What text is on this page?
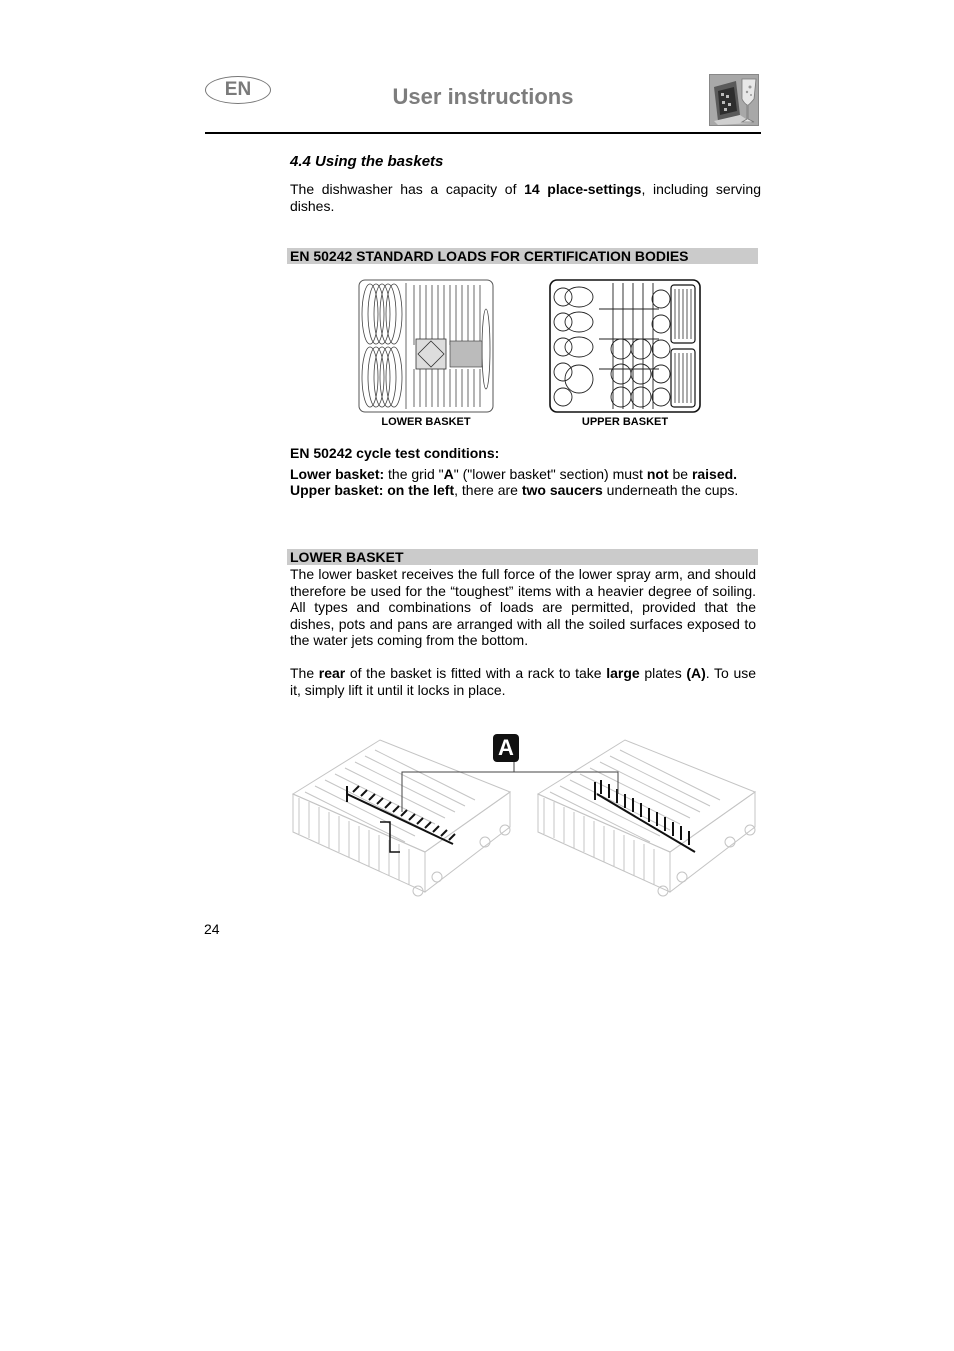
EN	User instructions
4.4 Using the baskets
The dishwasher has a capacity of 14 place-settings, including serving dishes.
EN 50242 STANDARD LOADS FOR CERTIFICATION BODIES
LOWER BASKET	UPPER BASKET
EN 50242 cycle test conditions:
Lower basket: the grid "A" ("lower basket" section) must not be raised.
Upper basket: on the left, there are two saucers underneath the cups.
LOWER BASKET
The lower basket receives the full force of the lower spray arm, and should therefore be used for the “toughest” items with a heavier degree of soiling. All types and combinations of loads are permitted, provided that the dishes, pots and pans are arranged with all the soiled surfaces exposed to the water jets coming from the bottom.
The rear of the basket is fitted with a rack to take large plates (A). To use it, simply lift it until it locks in place.
A
24
